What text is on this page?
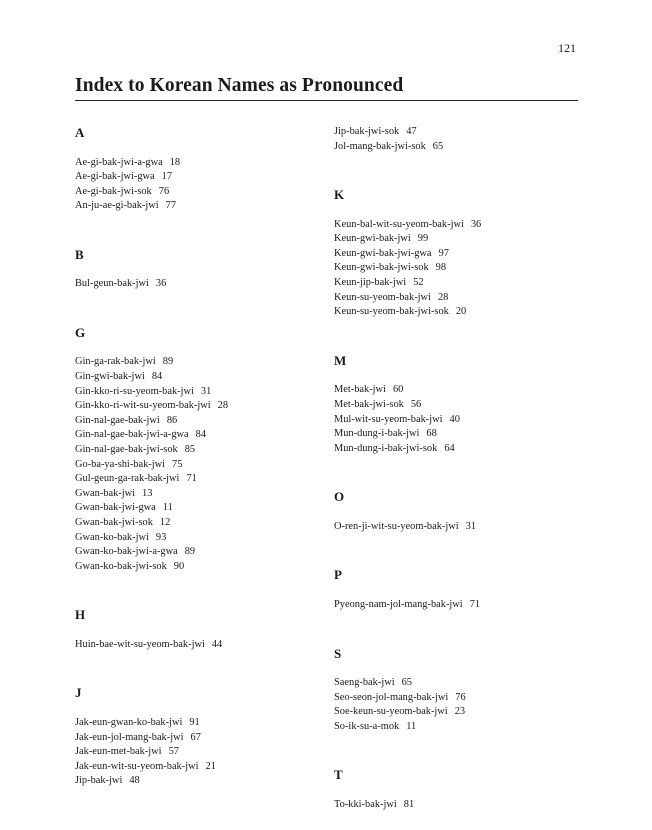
121
Index to Korean Names as Pronounced
A
Ae-gi-bak-jwi-a-gwa 18
Ae-gi-bak-jwi-gwa 17
Ae-gi-bak-jwi-sok 76
An-ju-ae-gi-bak-jwi 77
B
Bul-geun-bak-jwi 36
G
Gin-ga-rak-bak-jwi 89
Gin-gwi-bak-jwi 84
Gin-kko-ri-su-yeom-bak-jwi 31
Gin-kko-ri-wit-su-yeom-bak-jwi 28
Gin-nal-gae-bak-jwi 86
Gin-nal-gae-bak-jwi-a-gwa 84
Gin-nal-gae-bak-jwi-sok 85
Go-ba-ya-shi-bak-jwi 75
Gul-geun-ga-rak-bak-jwi 71
Gwan-bak-jwi 13
Gwan-bak-jwi-gwa 11
Gwan-bak-jwi-sok 12
Gwan-ko-bak-jwi 93
Gwan-ko-bak-jwi-a-gwa 89
Gwan-ko-bak-jwi-sok 90
H
Huin-bae-wit-su-yeom-bak-jwi 44
J
Jak-eun-gwan-ko-bak-jwi 91
Jak-eun-jol-mang-bak-jwi 67
Jak-eun-met-bak-jwi 57
Jak-eun-wit-su-yeom-bak-jwi 21
Jip-bak-jwi 48
Jip-bak-jwi-sok 47
Jol-mang-bak-jwi-sok 65
K
Keun-bal-wit-su-yeom-bak-jwi 36
Keun-gwi-bak-jwi 99
Keun-gwi-bak-jwi-gwa 97
Keun-gwi-bak-jwi-sok 98
Keun-jip-bak-jwi 52
Keun-su-yeom-bak-jwi 28
Keun-su-yeom-bak-jwi-sok 20
M
Met-bak-jwi 60
Met-bak-jwi-sok 56
Mul-wit-su-yeom-bak-jwi 40
Mun-dung-i-bak-jwi 68
Mun-dung-i-bak-jwi-sok 64
O
O-ren-ji-wit-su-yeom-bak-jwi 31
P
Pyeong-nam-jol-mang-bak-jwi 71
S
Saeng-bak-jwi 65
Seo-seon-jol-mang-bak-jwi 76
Soe-keun-su-yeom-bak-jwi 23
So-ik-su-a-mok 11
T
To-kki-bak-jwi 81
